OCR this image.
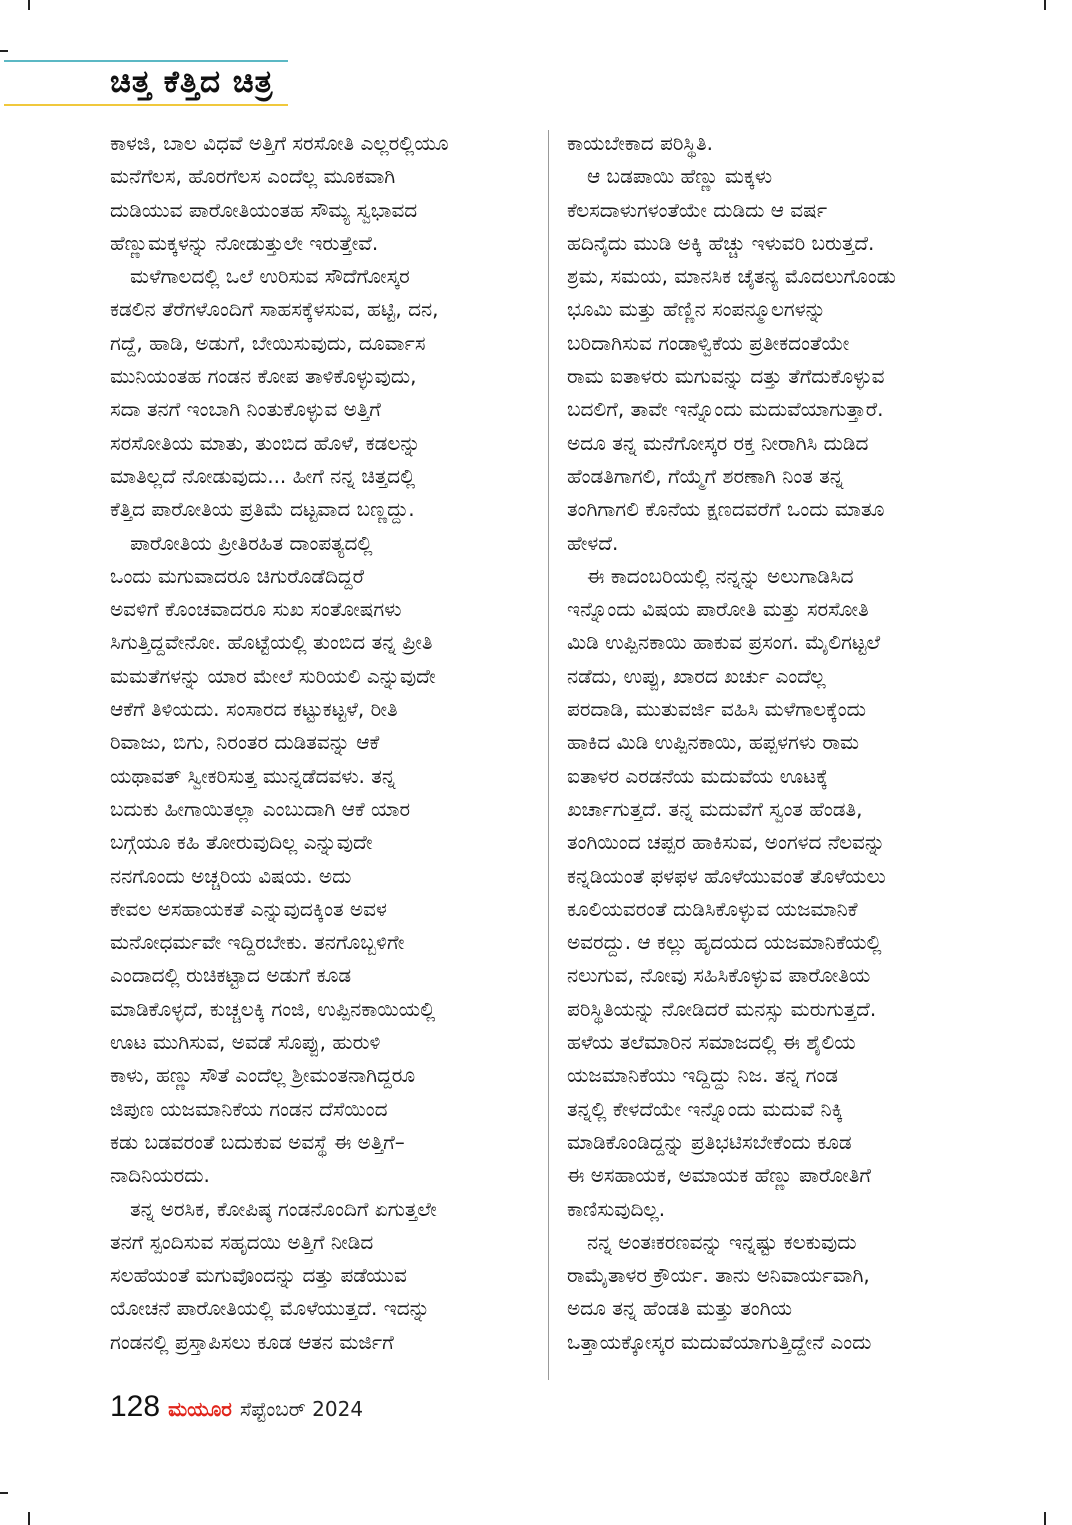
ಚಿತ್ತ ಕೆತ್ತಿದ ಚಿತ್ರ

ಕಾಳಜಿ, ಬಾಲ ವಿಧವೆ ಅತ್ತಿಗೆ ಸರಸೋತಿ ಎಲ್ಲರಲ್ಲಿಯೂ
ಮನೆಗೆಲಸ, ಹೊರಗೆಲಸ ಎಂದೆಲ್ಲ ಮೂಕವಾಗಿ
ದುಡಿಯುವ ಪಾರೋತಿಯಂತಹ ಸೌಮ್ಯ ಸ್ವಭಾವದ
ಹೆಣ್ಣುಮಕ್ಕಳನ್ನು ನೋಡುತ್ತುಲೇ ಇರುತ್ತೇವೆ.

ಮಳೆಗಾಲದಲ್ಲಿ ಒಲೆ ಉರಿಸುವ ಸೌದೆಗೋಸ್ಕರ
ಕಡಲಿನ ತೆರೆಗಳೊಂದಿಗೆ ಸಾಹಸಕ್ಕೆಳಸುವ, ಹಟ್ಟಿ, ದನ,
ಗದ್ದೆ, ಹಾಡಿ, ಅಡುಗೆ, ಬೇಯಿಸುವುದು, ದೂರ್ವಾಸ
ಮುನಿಯಂತಹ ಗಂಡನ ಕೋಪ ತಾಳಿಕೊಳ್ಳುವುದು,
ಸದಾ ತನಗೆ ಇಂಬಾಗಿ ನಿಂತುಕೊಳ್ಳುವ ಅತ್ತಿಗೆ
ಸರಸೋತಿಯ ಮಾತು, ತುಂಬಿದ ಹೊಳೆ, ಕಡಲನ್ನು
ಮಾತಿಲ್ಲದೆ ನೋಡುವುದು... ಹೀಗೆ ನನ್ನ ಚಿತ್ತದಲ್ಲಿ
ಕೆತ್ತಿದ ಪಾರೋತಿಯ ಪ್ರತಿಮೆ ದಟ್ಟವಾದ ಬಣ್ಣದ್ದು.

ಪಾರೋತಿಯ ಪ್ರೀತಿರಹಿತ ದಾಂಪತ್ಯದಲ್ಲಿ
ಒಂದು ಮಗುವಾದರೂ ಚಿಗುರೊಡೆದಿದ್ದರೆ
ಅವಳಿಗೆ ಕೊಂಚವಾದರೂ ಸುಖ ಸಂತೋಷಗಳು
ಸಿಗುತ್ತಿದ್ದವೇನೋ. ಹೊಟ್ಟೆಯಲ್ಲಿ ತುಂಬಿದ ತನ್ನ ಪ್ರೀತಿ
ಮಮತೆಗಳನ್ನು ಯಾರ ಮೇಲೆ ಸುರಿಯಲಿ ಎನ್ನುವುದೇ
ಆಕೆಗೆ ತಿಳಿಯದು. ಸಂಸಾರದ ಕಟ್ಟುಕಟ್ಟಳೆ, ರೀತಿ
ರಿವಾಜು, ಬಿಗು, ನಿರಂತರ ದುಡಿತವನ್ನು ಆಕೆ
ಯಥಾವತ್ ಸ್ವೀಕರಿಸುತ್ತ ಮುನ್ನಡೆದವಳು. ತನ್ನ
ಬದುಕು ಹೀಗಾಯಿತಲ್ಲಾ ಎಂಬುದಾಗಿ ಆಕೆ ಯಾರ
ಬಗ್ಗೆಯೂ ಕಹಿ ತೋರುವುದಿಲ್ಲ ಎನ್ನುವುದೇ
ನನಗೊಂದು ಅಚ್ಚರಿಯ ವಿಷಯ. ಅದು
ಕೇವಲ ಅಸಹಾಯಕತೆ ಎನ್ನುವುದಕ್ಕಿಂತ ಅವಳ
ಮನೋಧರ್ಮವೇ ಇದ್ದಿರಬೇಕು. ತನಗೊಬ್ಬಳಿಗೇ
ಎಂದಾದಲ್ಲಿ ರುಚಿಕಟ್ಟಾದ ಅಡುಗೆ ಕೂಡ
ಮಾಡಿಕೊಳ್ಳದೆ, ಕುಚ್ಚಲಕ್ಕಿ ಗಂಜಿ, ಉಪ್ಪಿನಕಾಯಿಯಲ್ಲಿ
ಊಟ ಮುಗಿಸುವ, ಅವಡೆ ಸೊಪ್ಪು, ಹುರುಳಿ
ಕಾಳು, ಹಣ್ಣು ಸೌತೆ ಎಂದೆಲ್ಲ ಶ್ರೀಮಂತನಾಗಿದ್ದರೂ
ಜಿಪುಣ ಯಜಮಾನಿಕೆಯ ಗಂಡನ ದೆಸೆಯಿಂದ
ಕಡು ಬಡವರಂತೆ ಬದುಕುವ ಅವಸ್ಥೆ ಈ ಅತ್ತಿಗೆ–
ನಾದಿನಿಯರದು.

ತನ್ನ ಅರಸಿಕ, ಕೋಪಿಷ್ಠ ಗಂಡನೊಂದಿಗೆ ಏಗುತ್ತಲೇ
ತನಗೆ ಸ್ಪಂದಿಸುವ ಸಹೃದಯಿ ಅತ್ತಿಗೆ ನೀಡಿದ
ಸಲಹೆಯಂತೆ ಮಗುವೊಂದನ್ನು ದತ್ತು ಪಡೆಯುವ
ಯೋಚನೆ ಪಾರೋತಿಯಲ್ಲಿ ಮೊಳೆಯುತ್ತದೆ. ಇದನ್ನು
ಗಂಡನಲ್ಲಿ ಪ್ರಸ್ತಾಪಿಸಲು ಕೂಡ ಆತನ ಮರ್ಜಿಗೆ

ಕಾಯಬೇಕಾದ ಪರಿಸ್ಥಿತಿ.

ಆ ಬಡಪಾಯಿ ಹೆಣ್ಣು ಮಕ್ಕಳು
ಕೆಲಸದಾಳುಗಳಂತೆಯೇ ದುಡಿದು ಆ ವರ್ಷ
ಹದಿನೈದು ಮುಡಿ ಅಕ್ಕಿ ಹೆಚ್ಚು ಇಳುವರಿ ಬರುತ್ತದೆ.
ಶ್ರಮ, ಸಮಯ, ಮಾನಸಿಕ ಚೈತನ್ಯ ಮೊದಲುಗೊಂಡು
ಭೂಮಿ ಮತ್ತು ಹೆಣ್ಣಿನ ಸಂಪನ್ಮೂಲಗಳನ್ನು
ಬರಿದಾಗಿಸುವ ಗಂಡಾಳ್ವಿಕೆಯ ಪ್ರತೀಕದಂತೆಯೇ
ರಾಮ ಐತಾಳರು ಮಗುವನ್ನು ದತ್ತು ತೆಗೆದುಕೊಳ್ಳುವ
ಬದಲಿಗೆ, ತಾವೇ ಇನ್ನೊಂದು ಮದುವೆಯಾಗುತ್ತಾರೆ.
ಅದೂ ತನ್ನ ಮನೆಗೋಸ್ಕರ ರಕ್ತ ನೀರಾಗಿಸಿ ದುಡಿದ
ಹೆಂಡತಿಗಾಗಲಿ, ಗೆಯ್ಮೆಗೆ ಶರಣಾಗಿ ನಿಂತ ತನ್ನ
ತಂಗಿಗಾಗಲಿ ಕೊನೆಯ ಕ್ಷಣದವರೆಗೆ ಒಂದು ಮಾತೂ
ಹೇಳದೆ.

ಈ ಕಾದಂಬರಿಯಲ್ಲಿ ನನ್ನನ್ನು ಅಲುಗಾಡಿಸಿದ
ಇನ್ನೊಂದು ವಿಷಯ ಪಾರೋತಿ ಮತ್ತು ಸರಸೋತಿ
ಮಿಡಿ ಉಪ್ಪಿನಕಾಯಿ ಹಾಕುವ ಪ್ರಸಂಗ. ಮೈಲಿಗಟ್ಟಲೆ
ನಡೆದು, ಉಪ್ಪು, ಖಾರದ ಖರ್ಚು ಎಂದೆಲ್ಲ
ಪರದಾಡಿ, ಮುತುವರ್ಜಿ ವಹಿಸಿ ಮಳೆಗಾಲಕ್ಕೆಂದು
ಹಾಕಿದ ಮಿಡಿ ಉಪ್ಪಿನಕಾಯಿ, ಹಪ್ಪಳಗಳು ರಾಮ
ಐತಾಳರ ಎರಡನೆಯ ಮದುವೆಯ ಊಟಕ್ಕೆ
ಖರ್ಚಾಗುತ್ತದೆ. ತನ್ನ ಮದುವೆಗೆ ಸ್ವಂತ ಹೆಂಡತಿ,
ತಂಗಿಯಿಂದ ಚಪ್ಪರ ಹಾಕಿಸುವ, ಅಂಗಳದ ನೆಲವನ್ನು
ಕನ್ನಡಿಯಂತೆ ಫಳಫಳ ಹೊಳೆಯುವಂತೆ ತೊಳೆಯಲು
ಕೂಲಿಯವರಂತೆ ದುಡಿಸಿಕೊಳ್ಳುವ ಯಜಮಾನಿಕೆ
ಅವರದ್ದು. ಆ ಕಲ್ಲು ಹೃದಯದ ಯಜಮಾನಿಕೆಯಲ್ಲಿ
ನಲುಗುವ, ನೋವು ಸಹಿಸಿಕೊಳ್ಳುವ ಪಾರೋತಿಯ
ಪರಿಸ್ಥಿತಿಯನ್ನು ನೋಡಿದರೆ ಮನಸ್ಸು ಮರುಗುತ್ತದೆ.
ಹಳೆಯ ತಲೆಮಾರಿನ ಸಮಾಜದಲ್ಲಿ ಈ ಶೈಲಿಯ
ಯಜಮಾನಿಕೆಯು ಇದ್ದಿದ್ದು ನಿಜ. ತನ್ನ ಗಂಡ
ತನ್ನಲ್ಲಿ ಕೇಳದೆಯೇ ಇನ್ನೊಂದು ಮದುವೆ ನಿಕ್ಕಿ
ಮಾಡಿಕೊಂಡಿದ್ದನ್ನು ಪ್ರತಿಭಟಿಸಬೇಕೆಂದು ಕೂಡ
ಈ ಅಸಹಾಯಕ, ಅಮಾಯಕ ಹೆಣ್ಣು ಪಾರೋತಿಗೆ
ಕಾಣಿಸುವುದಿಲ್ಲ.

ನನ್ನ ಅಂತಃಕರಣವನ್ನು ಇನ್ನಷ್ಟು ಕಲಕುವುದು
ರಾಮೈತಾಳರ ಕ್ರೌರ್ಯ. ತಾನು ಅನಿವಾರ್ಯವಾಗಿ,
ಅದೂ ತನ್ನ ಹೆಂಡತಿ ಮತ್ತು ತಂಗಿಯ
ಒತ್ತಾಯಕ್ಕೋಸ್ಕರ ಮದುವೆಯಾಗುತ್ತಿದ್ದೇನೆ ಎಂದು

128 ಮಯೂರ ಸೆಪ್ಟೆಂಬರ್ 2024
